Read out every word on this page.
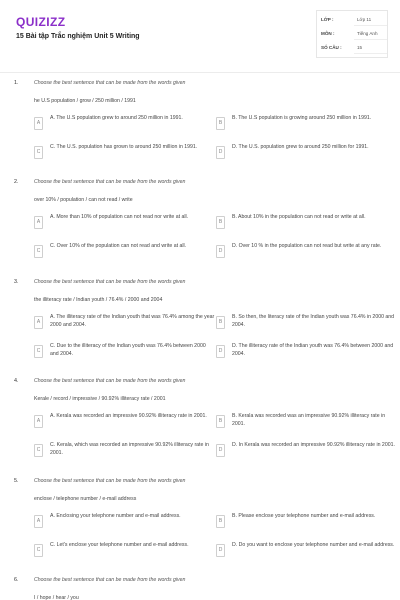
QUIZIZZ
15 Bài tập Trắc nghiệm Unit 5 Writing
LỚP :	Lớp 11
MÔN :	Tiếng Anh
SỐ CÂU :	15
1.	Choose the best sentence that can be made from the words given
he U.S population / grow / 250 million / 1991
A
A. The U.S population grew to around 250 million in 1991.
B
B. The U.S population is growing around 250 million in 1991.
C
C. The U.S. population has grown to around 250 million in 1991.
D
D. The U.S. population grew to around 250 million for 1991.
2.	Choose the best sentence that can be made from the words given
over 10% / population / can not read / write
A
A. More than 10% of population can not read nor write at all.
B
B. About 10% in the population can not read or write at all.
C
C. Over 10% of the population can not read and write at all.
D
D. Over 10 % in the population can not read but write at any rate.
3.	Choose the best sentence that can be made from the words given
the illiteracy rate / Indian youth / 76.4% / 2000 and 2004
A
A. The illiteracy rate of the Indian youth that was 76.4% among the year 2000 and 2004.	B
B. So then, the literacy rate of the Indian youth was 76.4% in 2000 and 2004.
C
C. Due to the illiteracy of the Indian youth was 76.4% between 2000 and 2004.	D
D. The illiteracy rate of the Indian youth was 76.4% between 2000 and 2004.
4.	Choose the best sentence that can be made from the words given
Kerale / record / impressive / 90.92% illiteracy rate / 2001
A
A. Kerala was recorded an impressive 90.92% illiteracy rate in 2001.
B
B. Kerala was recorded was an impressive 90.92% illiteracy rate in 2001.
C
C. Kerala, which was recorded an impressive 90.92% illiteracy rate in 2001.	D
D. In Kerala was recorded an impressive 90.92% illiteracy rate in 2001.
5.	Choose the best sentence that can be made from the words given
enclose / telephone number / e-mail address
A
A. Enclosing your telephone number and e-mail address.
B
B. Please enclose your telephone number and e-mail address.
C
C. Let's enclose your telephone number and e-mail address.
D
D. Do you want to enclose your telephone number and e-mail address.
6.	Choose the best sentence that can be made from the words given
I / hope / hear / you
